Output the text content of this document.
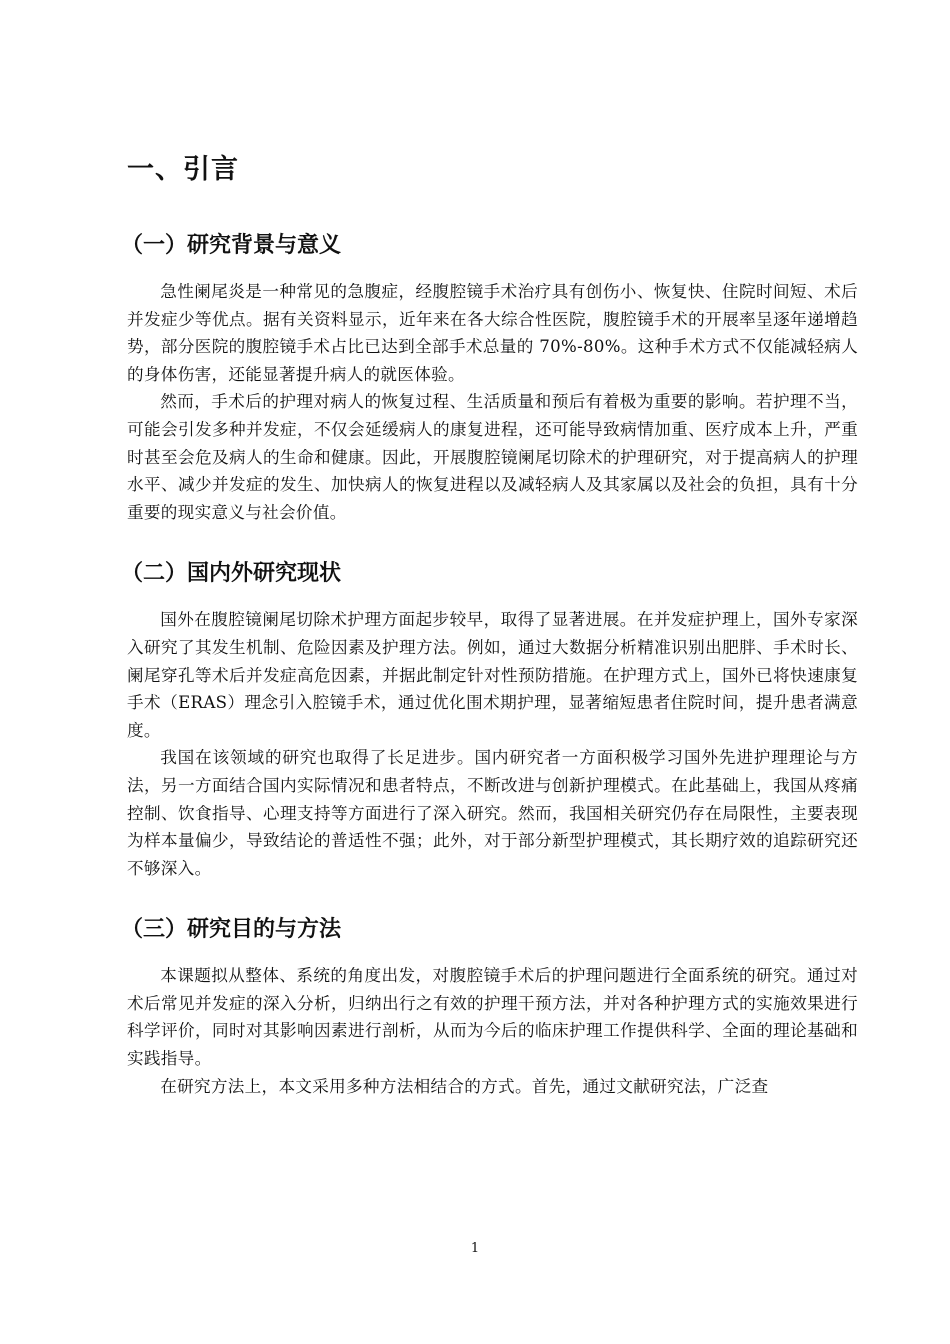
一、引言
（一）研究背景与意义

急性阑尾炎是一种常见的急腹症，经腹腔镜手术治疗具有创伤小、恢复快、住院时间短、术后并发症少等优点。据有关资料显示，近年来在各大综合性医院，腹腔镜手术的开展率呈逐年递增趋势，部分医院的腹腔镜手术占比已达到全部手术总量的 70%-80%。这种手术方式不仅能减轻病人的身体伤害，还能显著提升病人的就医体验。

然而，手术后的护理对病人的恢复过程、生活质量和预后有着极为重要的影响。若护理不当，可能会引发多种并发症，不仅会延缓病人的康复进程，还可能导致病情加重、医疗成本上升，严重时甚至会危及病人的生命和健康。因此，开展腹腔镜阑尾切除术的护理研究，对于提高病人的护理水平、减少并发症的发生、加快病人的恢复进程以及减轻病人及其家属以及社会的负担，具有十分重要的现实意义与社会价值。

（二）国内外研究现状

国外在腹腔镜阑尾切除术护理方面起步较早，取得了显著进展。在并发症护理上，国外专家深入研究了其发生机制、危险因素及护理方法。例如，通过大数据分析精准识别出肥胖、手术时长、阑尾穿孔等术后并发症高危因素，并据此制定针对性预防措施。在护理方式上，国外已将快速康复手术（ERAS）理念引入腔镜手术，通过优化围术期护理，显著缩短患者住院时间，提升患者满意度。

我国在该领域的研究也取得了长足进步。国内研究者一方面积极学习国外先进护理理论与方法，另一方面结合国内实际情况和患者特点，不断改进与创新护理模式。在此基础上，我国从疼痛控制、饮食指导、心理支持等方面进行了深入研究。然而，我国相关研究仍存在局限性，主要表现为样本量偏少，导致结论的普适性不强；此外，对于部分新型护理模式，其长期疗效的追踪研究还不够深入。

（三）研究目的与方法

本课题拟从整体、系统的角度出发，对腹腔镜手术后的护理问题进行全面系统的研究。通过对术后常见并发症的深入分析，归纳出行之有效的护理干预方法，并对各种护理方式的实施效果进行科学评价，同时对其影响因素进行剖析，从而为今后的临床护理工作提供科学、全面的理论基础和实践指导。

在研究方法上，本文采用多种方法相结合的方式。首先，通过文献研究法，广泛查

1
